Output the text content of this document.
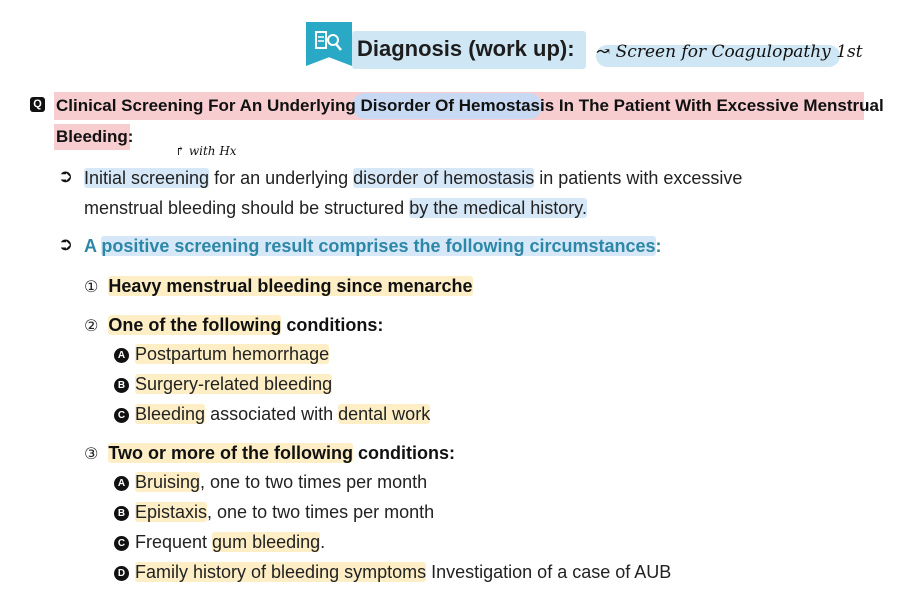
Diagnosis (work up): ↝ Screen for Coagulopathy 1st
Q Clinical Screening For An Underlying Disorder Of Hemostasis In The Patient With Excessive Menstrual
Bleeding:
↱ with Hx
➲ Initial screening for an underlying disorder of hemostasis in patients with excessive
menstrual bleeding should be structured by the medical history.
➲ A positive screening result comprises the following circumstances:
① Heavy menstrual bleeding since menarche
② One of the following conditions:
A Postpartum hemorrhage
B Surgery-related bleeding
C Bleeding associated with dental work
③ Two or more of the following conditions:
A Bruising, one to two times per month
B Epistaxis, one to two times per month
C Frequent gum bleeding.
D Family history of bleeding symptoms Investigation of a case of AUB
